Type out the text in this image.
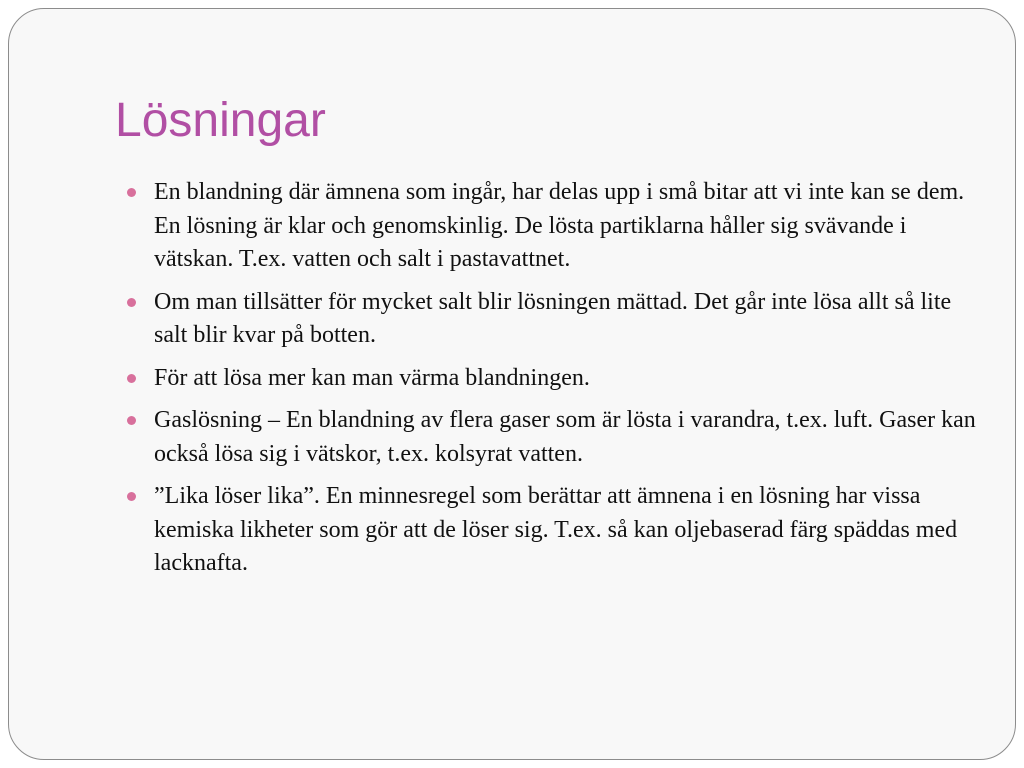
Lösningar
En blandning där ämnena som ingår, har delas upp i små bitar att vi inte kan se dem. En lösning är klar och genomskinlig. De lösta partiklarna håller sig svävande i vätskan. T.ex. vatten och salt i pastavattnet.
Om man tillsätter för mycket salt blir lösningen mättad. Det går inte lösa allt så lite salt blir kvar på botten.
För att lösa mer kan man värma blandningen.
Gaslösning – En blandning av flera gaser som är lösta i varandra, t.ex. luft. Gaser kan också lösa sig i vätskor, t.ex. kolsyrat vatten.
”Lika löser lika”. En minnesregel som berättar att ämnena i en lösning har vissa kemiska likheter som gör att de löser sig. T.ex. så kan oljebaserad färg späddas med lacknafta.
